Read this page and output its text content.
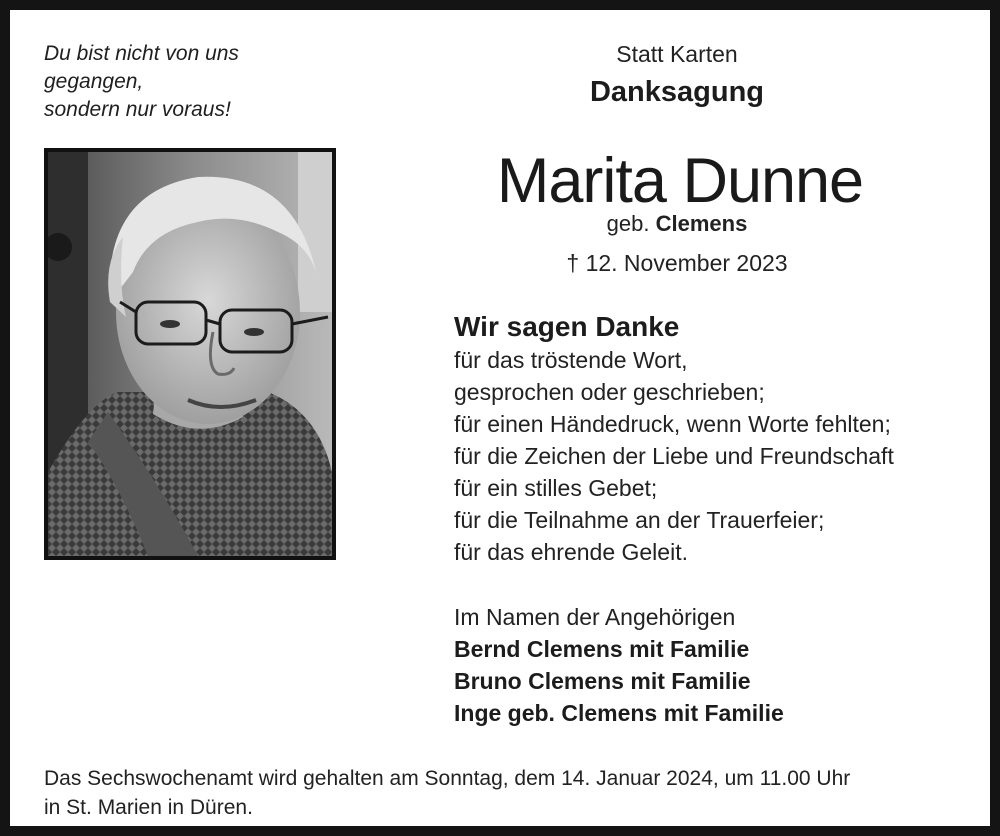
Du bist nicht von uns
gegangen,
sondern nur voraus!
Statt Karten
Danksagung
Marita Dunne
geb. Clemens
† 12. November 2023
Wir sagen Danke
für das tröstende Wort,
gesprochen oder geschrieben;
für einen Händedruck, wenn Worte fehlten;
für die Zeichen der Liebe und Freundschaft
für ein stilles Gebet;
für die Teilnahme an der Trauerfeier;
für das ehrende Geleit.
Im Namen der Angehörigen
Bernd Clemens mit Familie
Bruno Clemens mit Familie
Inge geb. Clemens mit Familie
Das Sechswochenamt wird gehalten am Sonntag, dem 14. Januar 2024, um 11.00 Uhr
in St. Marien in Düren.
